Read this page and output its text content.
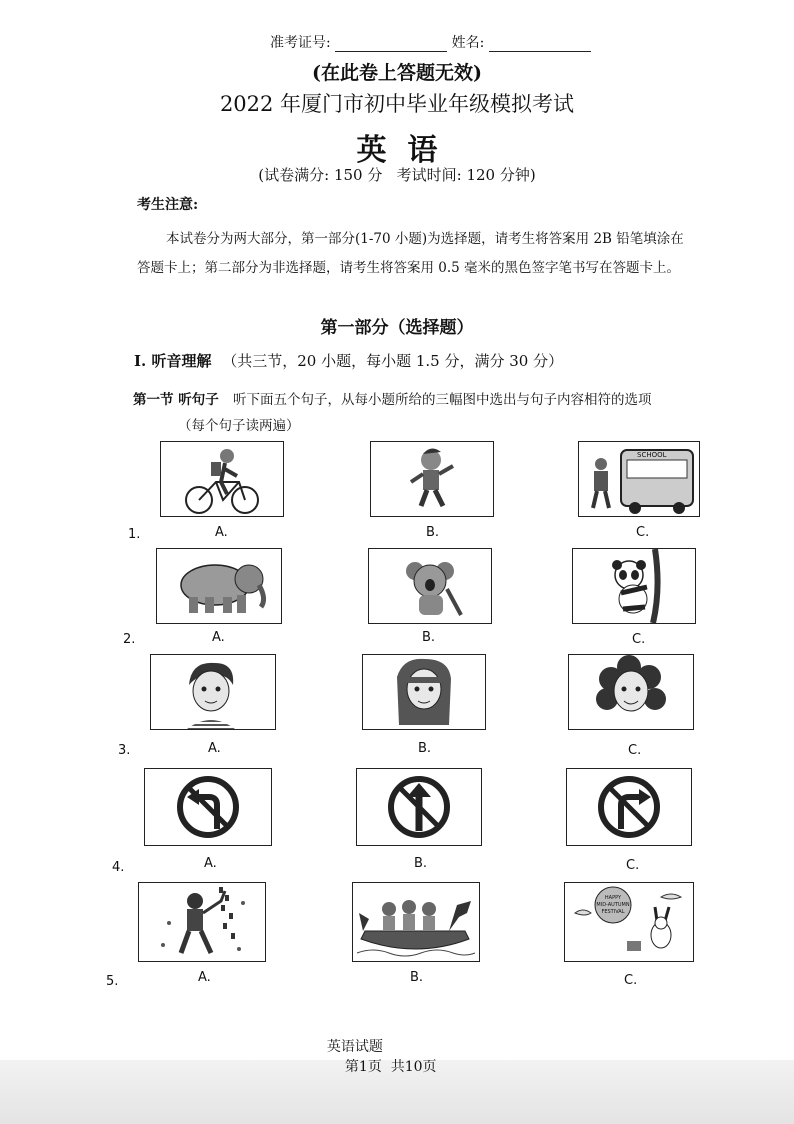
准考证号:	姓名:
(在此卷上答题无效)
2022 年厦门市初中毕业年级模拟考试
英  语
(试卷满分: 150 分   考试时间: 120 分钟)
考生注意:
本试卷分为两大部分，第一部分(1-70 小题)为选择题，请考生将答案用 2B 铅笔填涂在
答题卡上；第二部分为非选择题，请考生将答案用 0.5 毫米的黑色签字笔书写在答题卡上。
第一部分（选择题）
I. 听音理解 （共三节，20 小题，每小题 1.5 分，满分 30 分）
第一节 听句子 听下面五个句子，从每小题所给的三幅图中选出与句子内容相符的选项
（每个句子读两遍）
SCHOOL
A.	B.	C.
1.
A.	B.	C.
2.
A.	B.	C.
3.
A.	B.	C.
4.
HAPPY
MID-AUTUMN
FESTIVAL
A.	B.	C.
5.

英语试题
第1页  共10页
